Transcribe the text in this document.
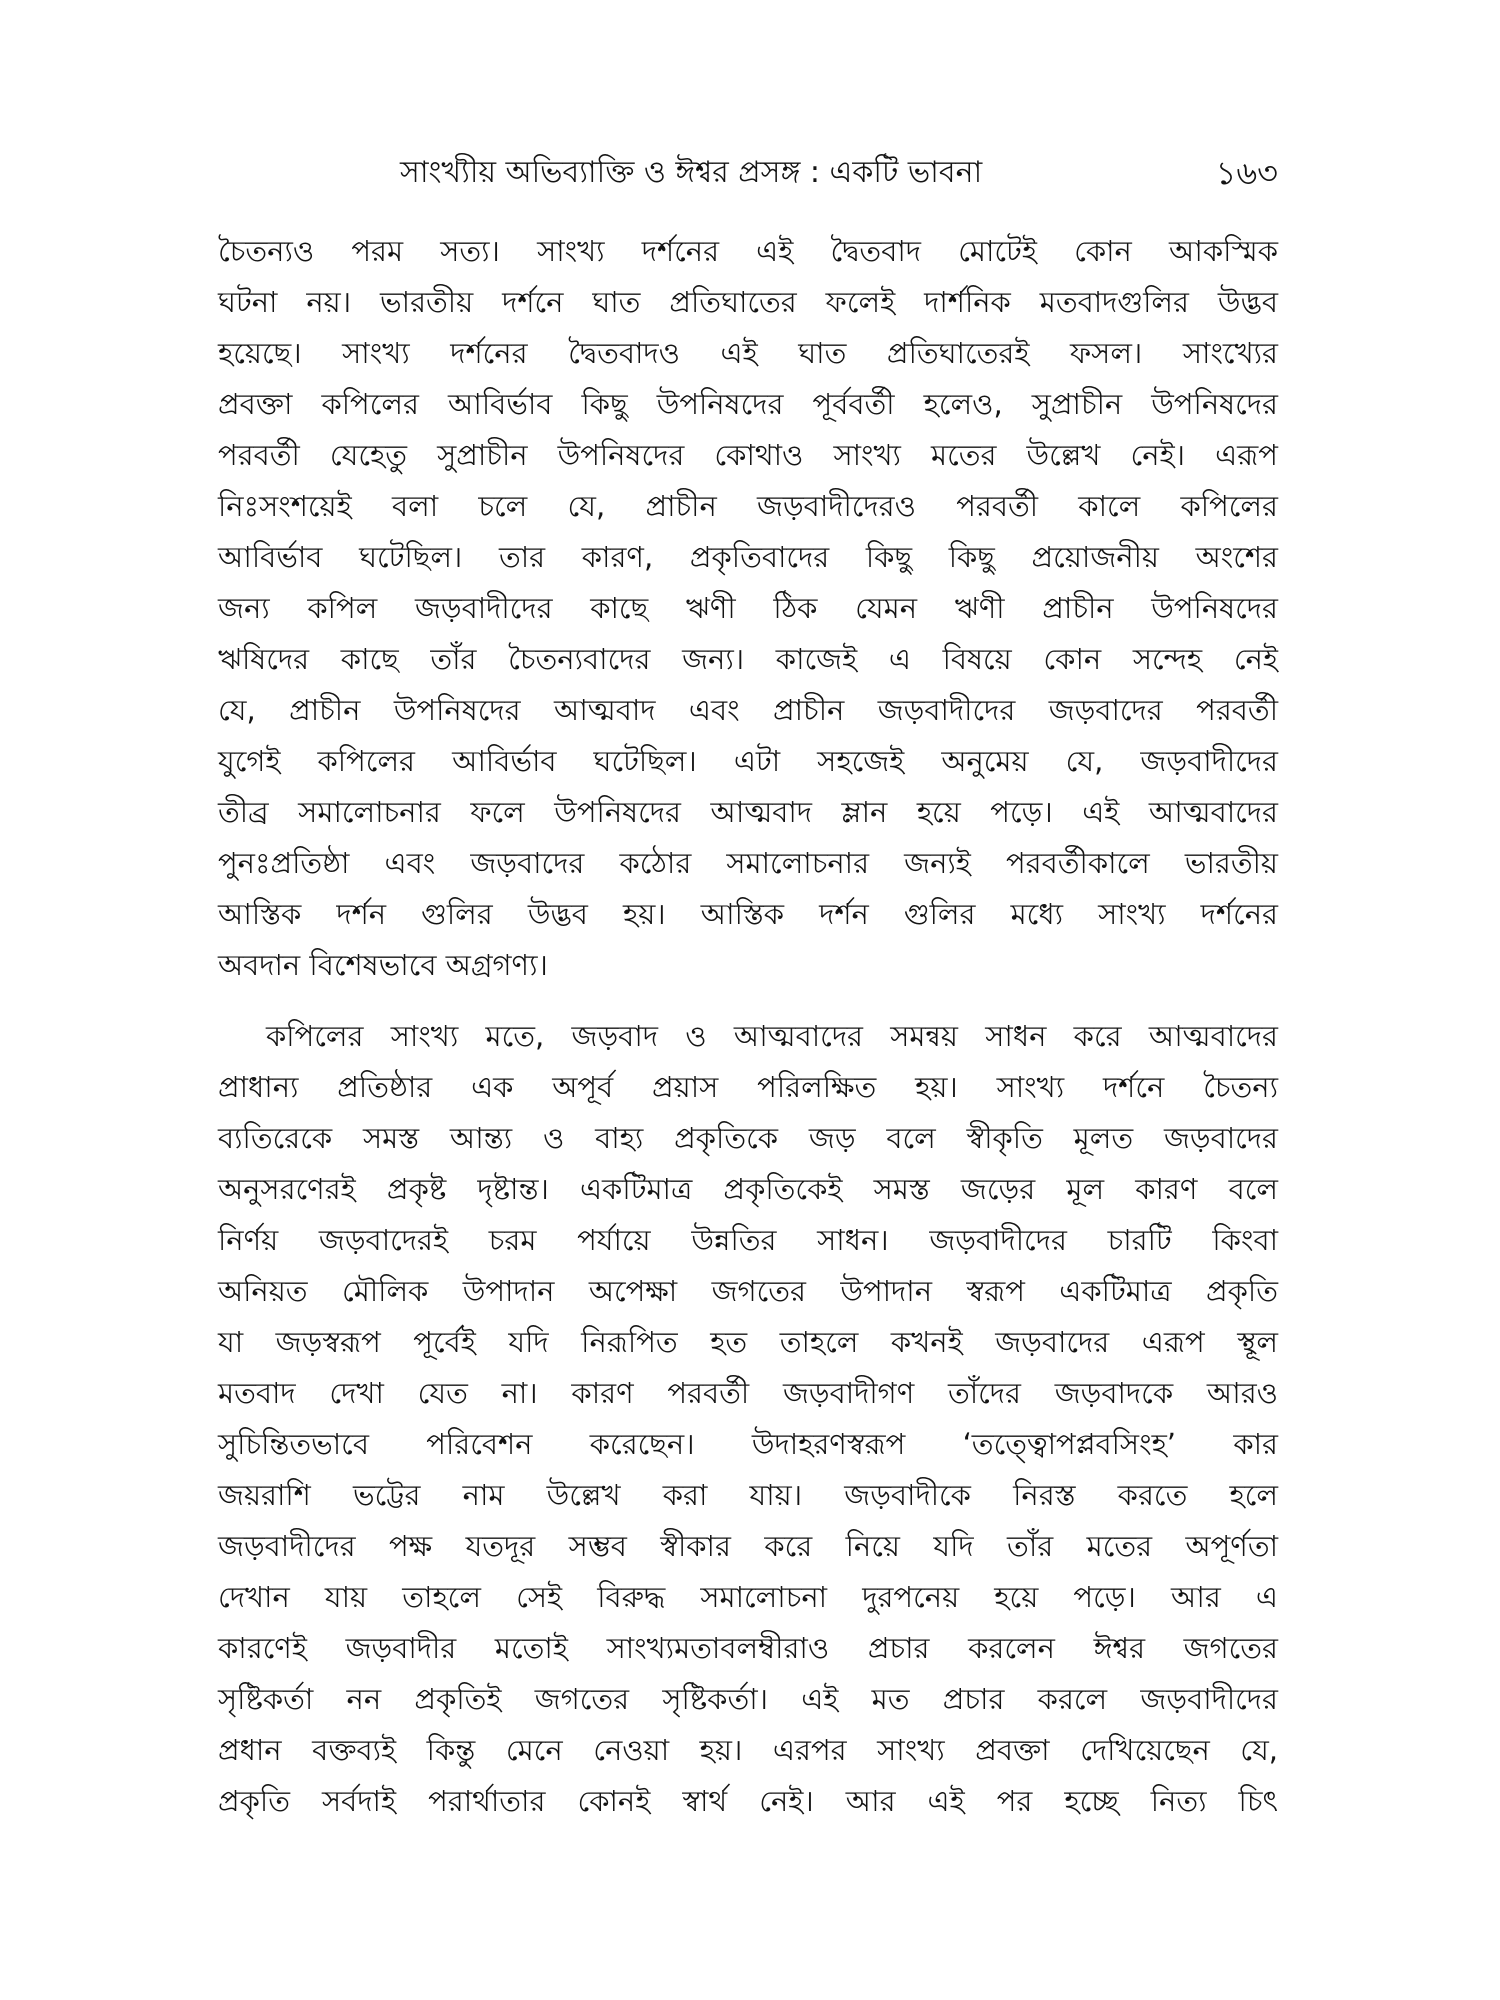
সাংখ্যীয় অভিব্যাক্তি ও ঈশ্বর প্রসঙ্গ : একটি ভাবনা	১৬৩
চৈতন্যও পরম সত্য। সাংখ্য দর্শনের এই দ্বৈতবাদ মোটেই কোন আকস্মিক
ঘটনা নয়। ভারতীয় দর্শনে ঘাত প্রতিঘাতের ফলেই দার্শনিক মতবাদগুলির উদ্ভব
হয়েছে। সাংখ্য দর্শনের দ্বৈতবাদও এই ঘাত প্রতিঘাতেরই ফসল। সাংখ্যের
প্রবক্তা কপিলের আবির্ভাব কিছু উপনিষদের পূর্ববর্তী হলেও, সুপ্রাচীন উপনিষদের
পরবর্তী যেহেতু সুপ্রাচীন উপনিষদের কোথাও সাংখ্য মতের উল্লেখ নেই। এরূপ
নিঃসংশয়েই বলা চলে যে, প্রাচীন জড়বাদীদেরও পরবর্তী কালে কপিলের
আবির্ভাব ঘটেছিল। তার কারণ, প্রকৃতিবাদের কিছু কিছু প্রয়োজনীয় অংশের
জন্য কপিল জড়বাদীদের কাছে ঋণী ঠিক যেমন ঋণী প্রাচীন উপনিষদের
ঋষিদের কাছে তাঁর চৈতন্যবাদের জন্য। কাজেই এ বিষয়ে কোন সন্দেহ নেই
যে, প্রাচীন উপনিষদের আত্মবাদ এবং প্রাচীন জড়বাদীদের জড়বাদের পরবর্তী
যুগেই কপিলের আবির্ভাব ঘটেছিল। এটা সহজেই অনুমেয় যে, জড়বাদীদের
তীব্র সমালোচনার ফলে উপনিষদের আত্মবাদ ম্লান হয়ে পড়ে। এই আত্মবাদের
পুনঃপ্রতিষ্ঠা এবং জড়বাদের কঠোর সমালোচনার জন্যই পরবর্তীকালে ভারতীয়
আস্তিক দর্শন গুলির উদ্ভব হয়। আস্তিক দর্শন গুলির মধ্যে সাংখ্য দর্শনের
অবদান বিশেষভাবে অগ্রগণ্য।
কপিলের সাংখ্য মতে, জড়বাদ ও আত্মবাদের সমন্বয় সাধন করে আত্মবাদের
প্রাধান্য প্রতিষ্ঠার এক অপূর্ব প্রয়াস পরিলক্ষিত হয়। সাংখ্য দর্শনে চৈতন্য
ব্যতিরেকে সমস্ত আন্ত্য ও বাহ্য প্রকৃতিকে জড় বলে স্বীকৃতি মূলত জড়বাদের
অনুসরণেরই প্রকৃষ্ট দৃষ্টান্ত। একটিমাত্র প্রকৃতিকেই সমস্ত জড়ের মূল কারণ বলে
নির্ণয় জড়বাদেরই চরম পর্যায়ে উন্নতির সাধন। জড়বাদীদের চারটি কিংবা
অনিয়ত মৌলিক উপাদান অপেক্ষা জগতের উপাদান স্বরূপ একটিমাত্র প্রকৃতি
যা জড়স্বরূপ পূর্বেই যদি নিরূপিত হত তাহলে কখনই জড়বাদের এরূপ স্থূল
মতবাদ দেখা যেত না। কারণ পরবর্তী জড়বাদীগণ তাঁদের জড়বাদকে আরও
সুচিন্তিতভাবে পরিবেশন করেছেন। উদাহরণস্বরূপ ‘তত্ত্বোপপ্লবসিংহ’ কার
জয়রাশি ভট্টের নাম উল্লেখ করা যায়। জড়বাদীকে নিরস্ত করতে হলে
জড়বাদীদের পক্ষ যতদূর সম্ভব স্বীকার করে নিয়ে যদি তাঁর মতের অপূর্ণতা
দেখান যায় তাহলে সেই বিরুদ্ধ সমালোচনা দুরপনেয় হয়ে পড়ে। আর এ
কারণেই জড়বাদীর মতোই সাংখ্যমতাবলম্বীরাও প্রচার করলেন ঈশ্বর জগতের
সৃষ্টিকর্তা নন প্রকৃতিই জগতের সৃষ্টিকর্তা। এই মত প্রচার করলে জড়বাদীদের
প্রধান বক্তব্যই কিন্তু মেনে নেওয়া হয়। এরপর সাংখ্য প্রবক্তা দেখিয়েছেন যে,
প্রকৃতি সর্বদাই পরার্থাতার কোনই স্বার্থ নেই। আর এই পর হচ্ছে নিত্য চিৎ
